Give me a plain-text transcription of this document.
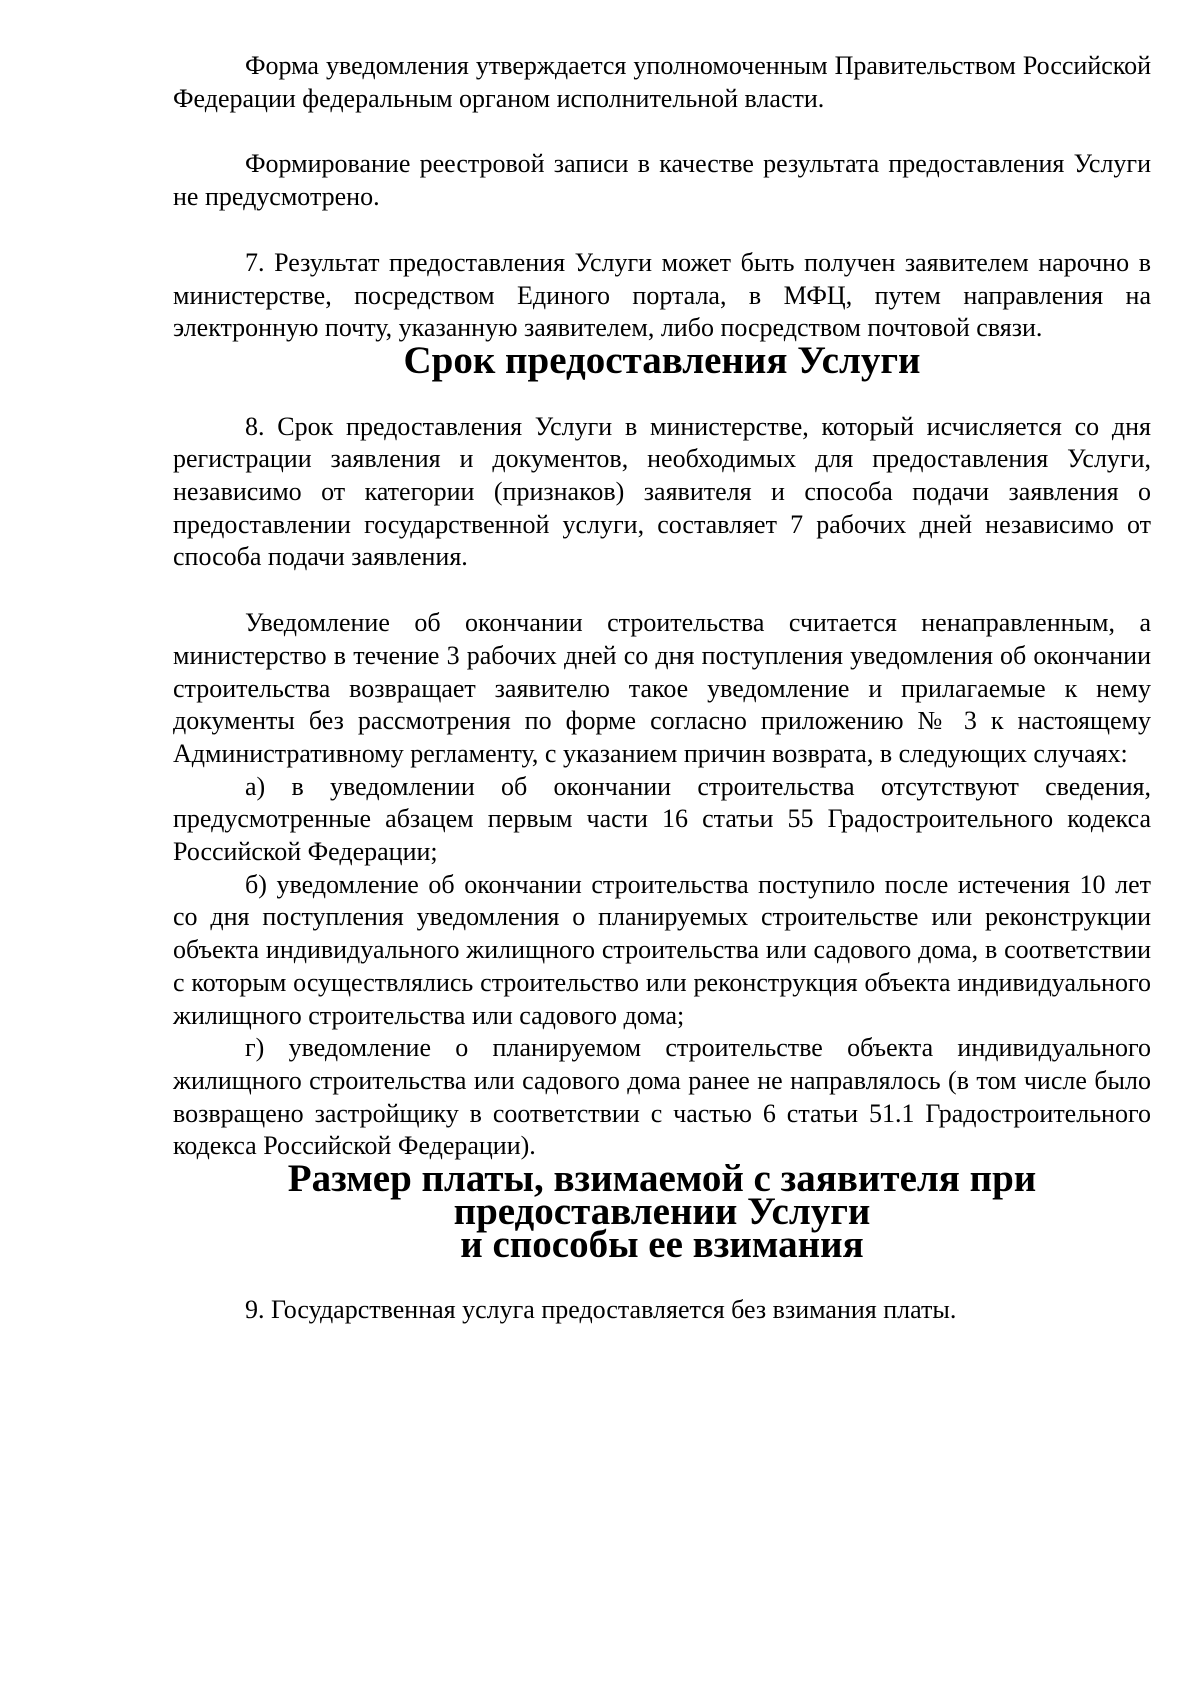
Форма уведомления утверждается уполномоченным Правительством Российской Федерации федеральным органом исполнительной власти.

Формирование реестровой записи в качестве результата предоставления Услуги не предусмотрено.

7. Результат предоставления Услуги может быть получен заявителем нарочно в министерстве, посредством Единого портала, в МФЦ, путем направления на электронную почту, указанную заявителем, либо посредством почтовой связи.

Срок предоставления Услуги

8. Срок предоставления Услуги в министерстве, который исчисляется со дня регистрации заявления и документов, необходимых для предоставления Услуги, независимо от категории (признаков) заявителя и способа подачи заявления о предоставлении государственной услуги, составляет 7 рабочих дней независимо от способа подачи заявления.

Уведомление об окончании строительства считается ненаправленным, а министерство в течение 3 рабочих дней со дня поступления уведомления об окончании строительства возвращает заявителю такое уведомление и прилагаемые к нему документы без рассмотрения по форме согласно приложению № 3 к настоящему Административному регламенту, с указанием причин возврата, в следующих случаях:

а) в уведомлении об окончании строительства отсутствуют сведения, предусмотренные абзацем первым части 16 статьи 55 Градостроительного кодекса Российской Федерации;

б) уведомление об окончании строительства поступило после истечения 10 лет со дня поступления уведомления о планируемых строительстве или реконструкции объекта индивидуального жилищного строительства или садового дома, в соответствии с которым осуществлялись строительство или реконструкция объекта индивидуального жилищного строительства или садового дома;

г) уведомление о планируемом строительстве объекта индивидуального жилищного строительства или садового дома ранее не направлялось (в том числе было возвращено застройщику в соответствии с частью 6 статьи 51.1 Градостроительного кодекса Российской Федерации).

Размер платы, взимаемой с заявителя при предоставлении Услуги
и способы ее взимания

9. Государственная услуга предоставляется без взимания платы.
